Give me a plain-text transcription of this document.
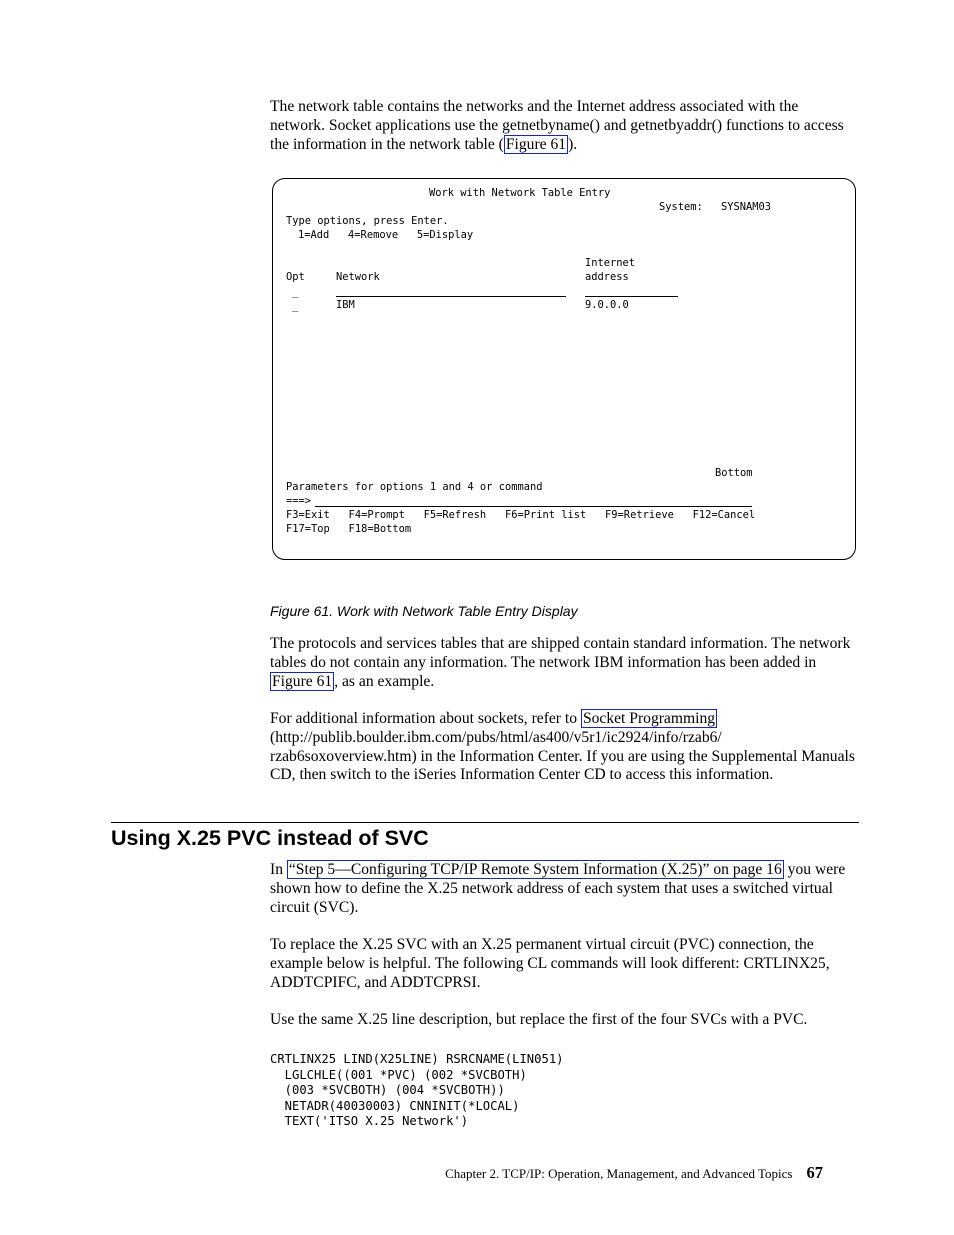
The network table contains the networks and the Internet address associated with the network. Socket applications use the getnetbyname() and getnetbyaddr() functions to access the information in the network table ( Figure 61 ).

Work with Network Table Entry
System: SYSNAM03
Type options, press Enter.
1=Add   4=Remove   5=Display
Internet
Opt	Network	address
_
_	IBM	9.0.0.0
Bottom
Parameters for options 1 and 4 or command
===>
F3=Exit   F4=Prompt   F5=Refresh   F6=Print list   F9=Retrieve   F12=Cancel
F17=Top   F18=Bottom

Figure 61. Work with Network Table Entry Display

The protocols and services tables that are shipped contain standard information. The network tables do not contain any information. The network IBM information has been added in Figure 61 , as an example.

For additional information about sockets, refer to Socket Programming (http://publib.boulder.ibm.com/pubs/html/as400/v5r1/ic2924/info/rzab6/ rzab6soxoverview.htm) in the Information Center. If you are using the Supplemental Manuals CD, then switch to the iSeries Information Center CD to access this information.

Using X.25 PVC instead of SVC

In “Step 5—Configuring TCP/IP Remote System Information (X.25)” on page 16 you were shown how to define the X.25 network address of each system that uses a switched virtual circuit (SVC).

To replace the X.25 SVC with an X.25 permanent virtual circuit (PVC) connection, the example below is helpful. The following CL commands will look different: CRTLINX25, ADDTCPIFC, and ADDTCPRSI.

Use the same X.25 line description, but replace the first of the four SVCs with a PVC.

CRTLINX25 LIND(X25LINE) RSRCNAME(LIN051)
LGLCHLE((001 *PVC) (002 *SVCBOTH)
(003 *SVCBOTH) (004 *SVCBOTH))
NETADR(40030003) CNNINIT(*LOCAL)
TEXT('ITSO X.25 Network')

Chapter 2. TCP/IP: Operation, Management, and Advanced Topics 67
